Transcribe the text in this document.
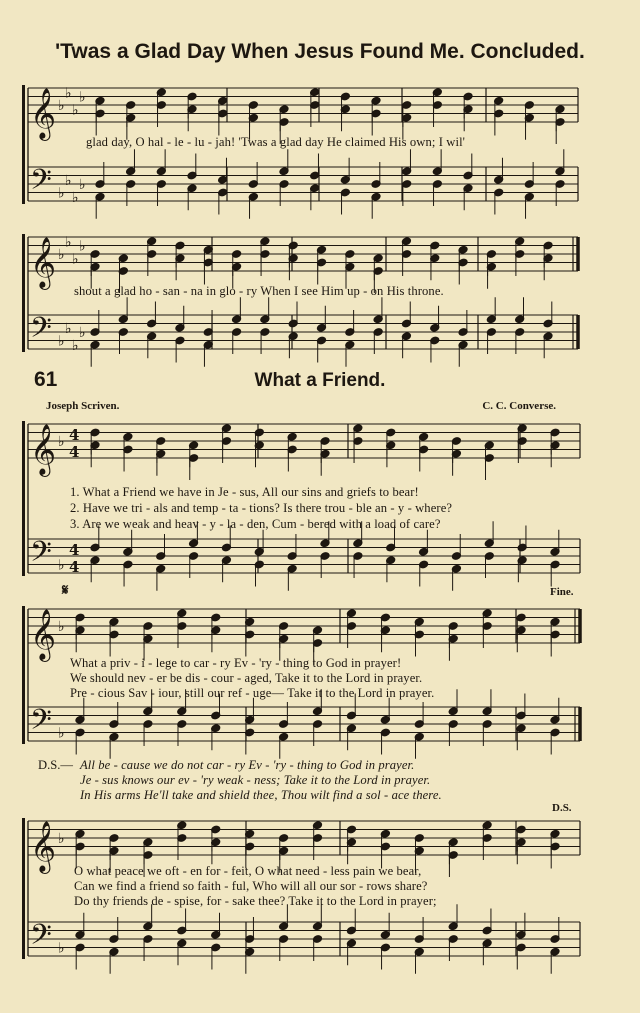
'Twas a Glad Day When Jesus Found Me. Concluded.
𝄞
𝄢
♭
♭
♭
♭
♭
♭
♭
♭
𝄞
𝄢
♭
♭
♭
♭
♭
♭
♭
♭
𝄞
𝄢
♭
♭
4
4
4
4
𝄞
𝄢
♭
♭
𝄞
𝄢
♭
♭
glad day, O hal - le - lu - jah! 'Twas a glad day He claimed His own; I wil'
shout a glad ho - san - na in glo - ry When I see Him up - on His throne.
61	What a Friend.
Joseph Scriven.	C. C. Converse.
1. What a Friend we have in Je - sus, All our sins and griefs to bear!
2. Have we tri - als and temp - ta - tions? Is there trou - ble an - y - where?
3. Are we weak and heav - y - la - den, Cum - bered with a load of care?
𝄋	Fine.
What a priv - i - lege to car - ry Ev - 'ry - thing to God in prayer!
We should nev - er be dis - cour - aged, Take it to the Lord in prayer.
Pre - cious Sav - iour, still our ref - uge— Take it to the Lord in prayer.
D.S.— All be - cause we do not car - ry Ev - 'ry - thing to God in prayer.
Je - sus knows our ev - 'ry weak - ness; Take it to the Lord in prayer.
In His arms He'll take and shield thee, Thou wilt find a sol - ace there.
D.S.
O what peace we oft - en for - feit, O what need - less pain we bear,
Can we find a friend so faith - ful, Who will all our sor - rows share?
Do thy friends de - spise, for - sake thee? Take it to the Lord in prayer;
